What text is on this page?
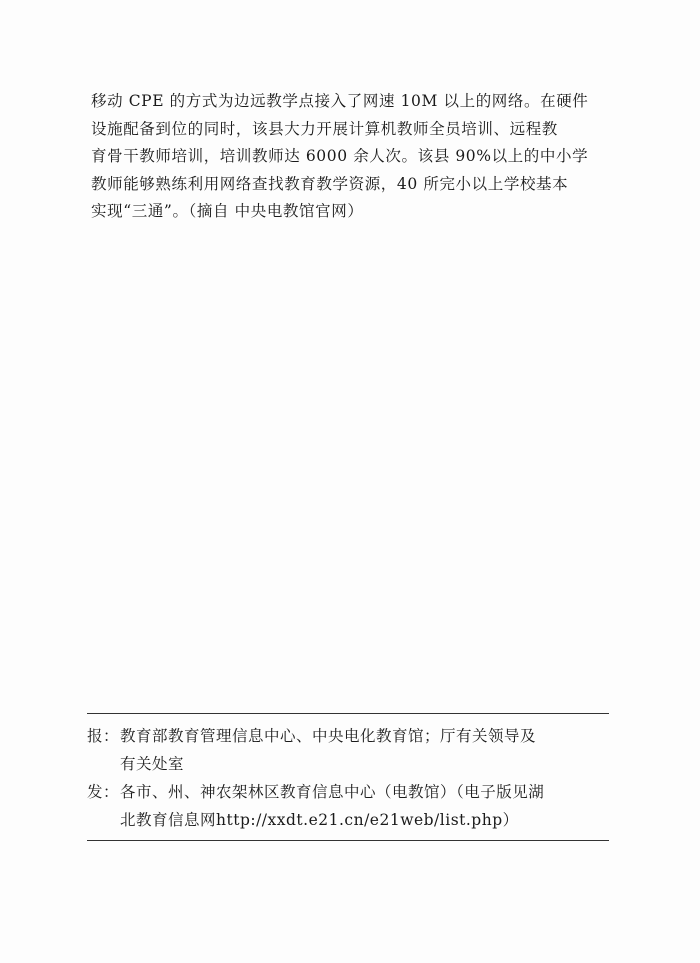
移动 CPE 的方式为边远教学点接入了网速 10M 以上的网络。在硬件

设施配备到位的同时，该县大力开展计算机教师全员培训、远程教

育骨干教师培训，培训教师达 6000 余人次。该县 90%以上的中小学

教师能够熟练利用网络查找教育教学资源，40 所完小以上学校基本

实现“三通”。（摘自 中央电教馆官网）

报： 教育部教育管理信息中心、中央电化教育馆；厅有关领导及
有关处室
发： 各市、州、神农架林区教育信息中心（电教馆）（电子版见湖
北教育信息网http://xxdt.e21.cn/e21web/list.php）
